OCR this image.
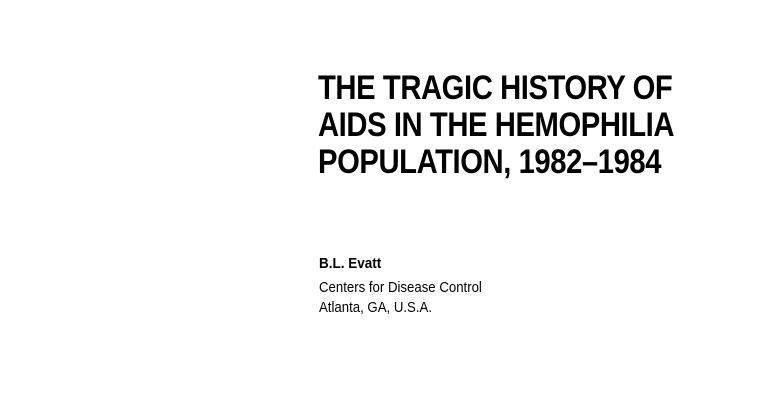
THE TRAGIC HISTORY OF
AIDS IN THE HEMOPHILIA
POPULATION, 1982–1984
B.L. Evatt
Centers for Disease Control
Atlanta, GA, U.S.A.
